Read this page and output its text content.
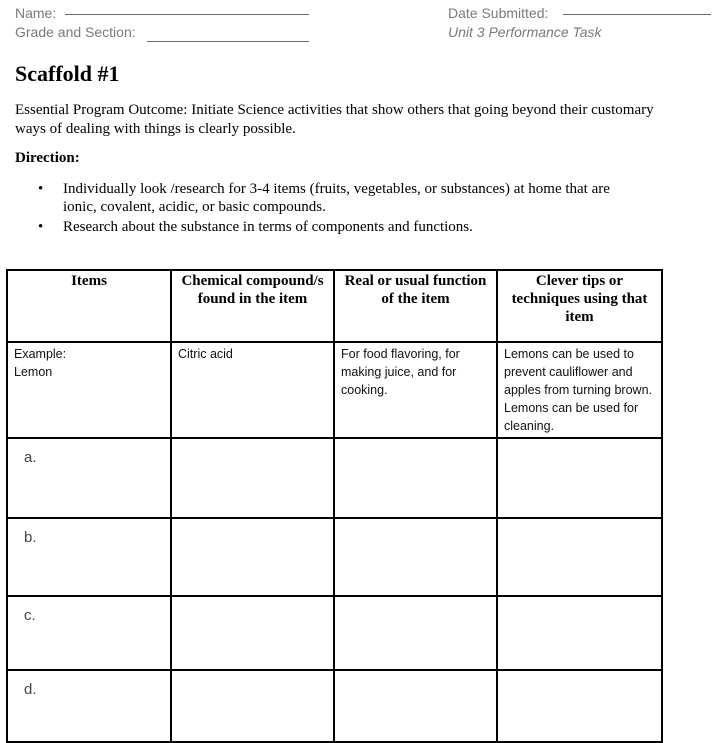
Name:
Grade and Section:
Date Submitted:
Unit 3 Performance Task
Scaffold #1
Essential Program Outcome: Initiate Science activities that show others that going beyond their customary ways of dealing with things is clearly possible.
Direction:
• Individually look /research for 3-4 items (fruits, vegetables, or substances) at home that are ionic, covalent, acidic, or basic compounds.
• Research about the substance in terms of components and functions.
Items	Chemical compound/s found in the item	Real or usual function of the item	Clever tips or techniques using that item

Example:
Lemon	Citric acid	For food flavoring, for making juice, and for cooking.	Lemons can be used to prevent cauliflower and apples from turning brown. Lemons can be used for cleaning.
a.			
b.			
c.			
d.			
